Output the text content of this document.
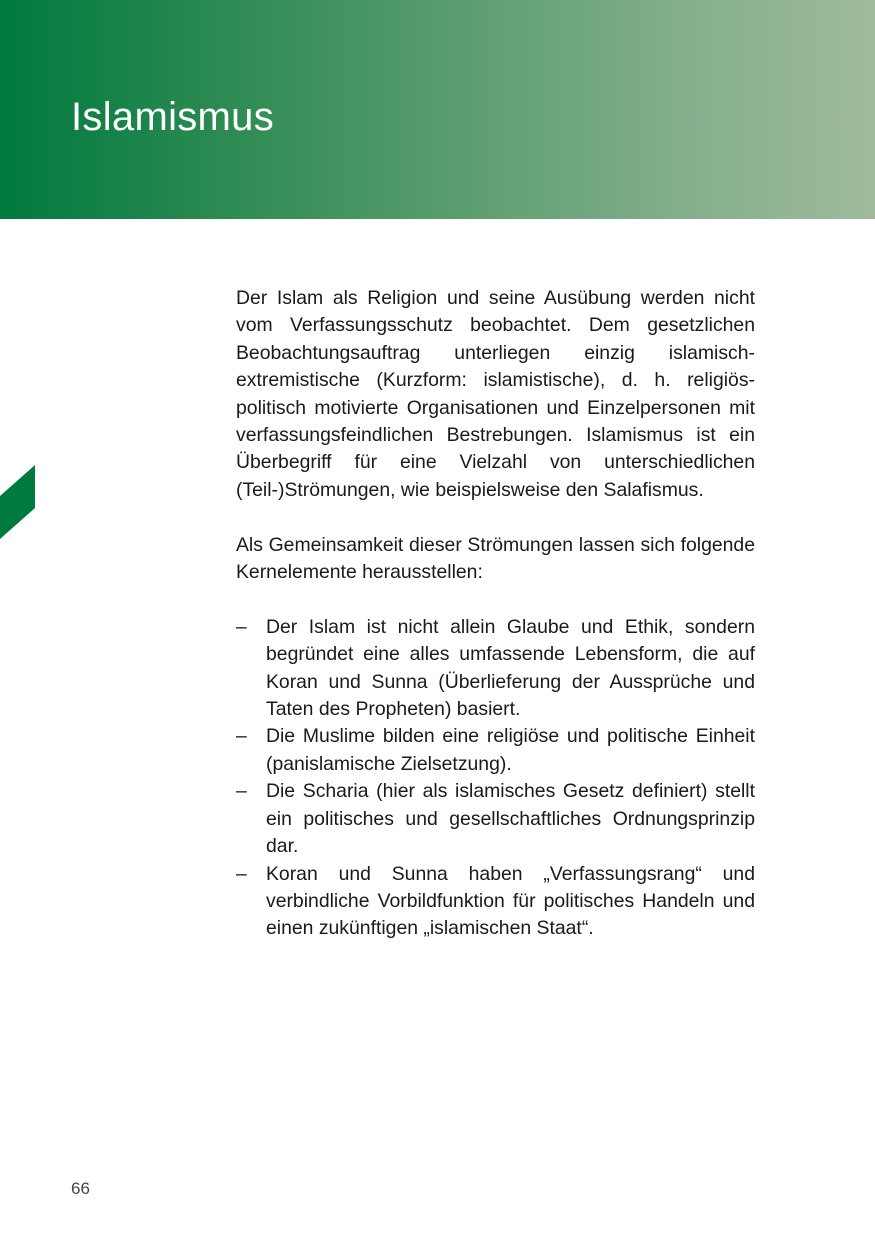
Islamismus

Der Islam als Religion und seine Ausübung werden nicht vom Verfassungsschutz beobachtet. Dem gesetzlichen Beobachtungsauftrag unterliegen einzig islamisch-extremistische (Kurzform: islamistische), d. h. religiös-politisch motivierte Organisationen und Einzelpersonen mit verfassungsfeindlichen Bestrebungen. Islamismus ist ein Überbegriff für eine Vielzahl von unterschiedlichen (Teil-)Strömungen, wie beispielsweise den Salafismus.

Als Gemeinsamkeit dieser Strömungen lassen sich folgende Kernelemente herausstellen:

– Der Islam ist nicht allein Glaube und Ethik, sondern begründet eine alles umfassende Lebensform, die auf Koran und Sunna (Überlieferung der Aussprüche und Taten des Propheten) basiert.
– Die Muslime bilden eine religiöse und politische Einheit (panislamische Zielsetzung).
– Die Scharia (hier als islamisches Gesetz definiert) stellt ein politisches und gesellschaftliches Ordnungsprinzip dar.
– Koran und Sunna haben „Verfassungsrang“ und verbindliche Vorbildfunktion für politisches Handeln und einen zukünftigen „islamischen Staat“.
66
